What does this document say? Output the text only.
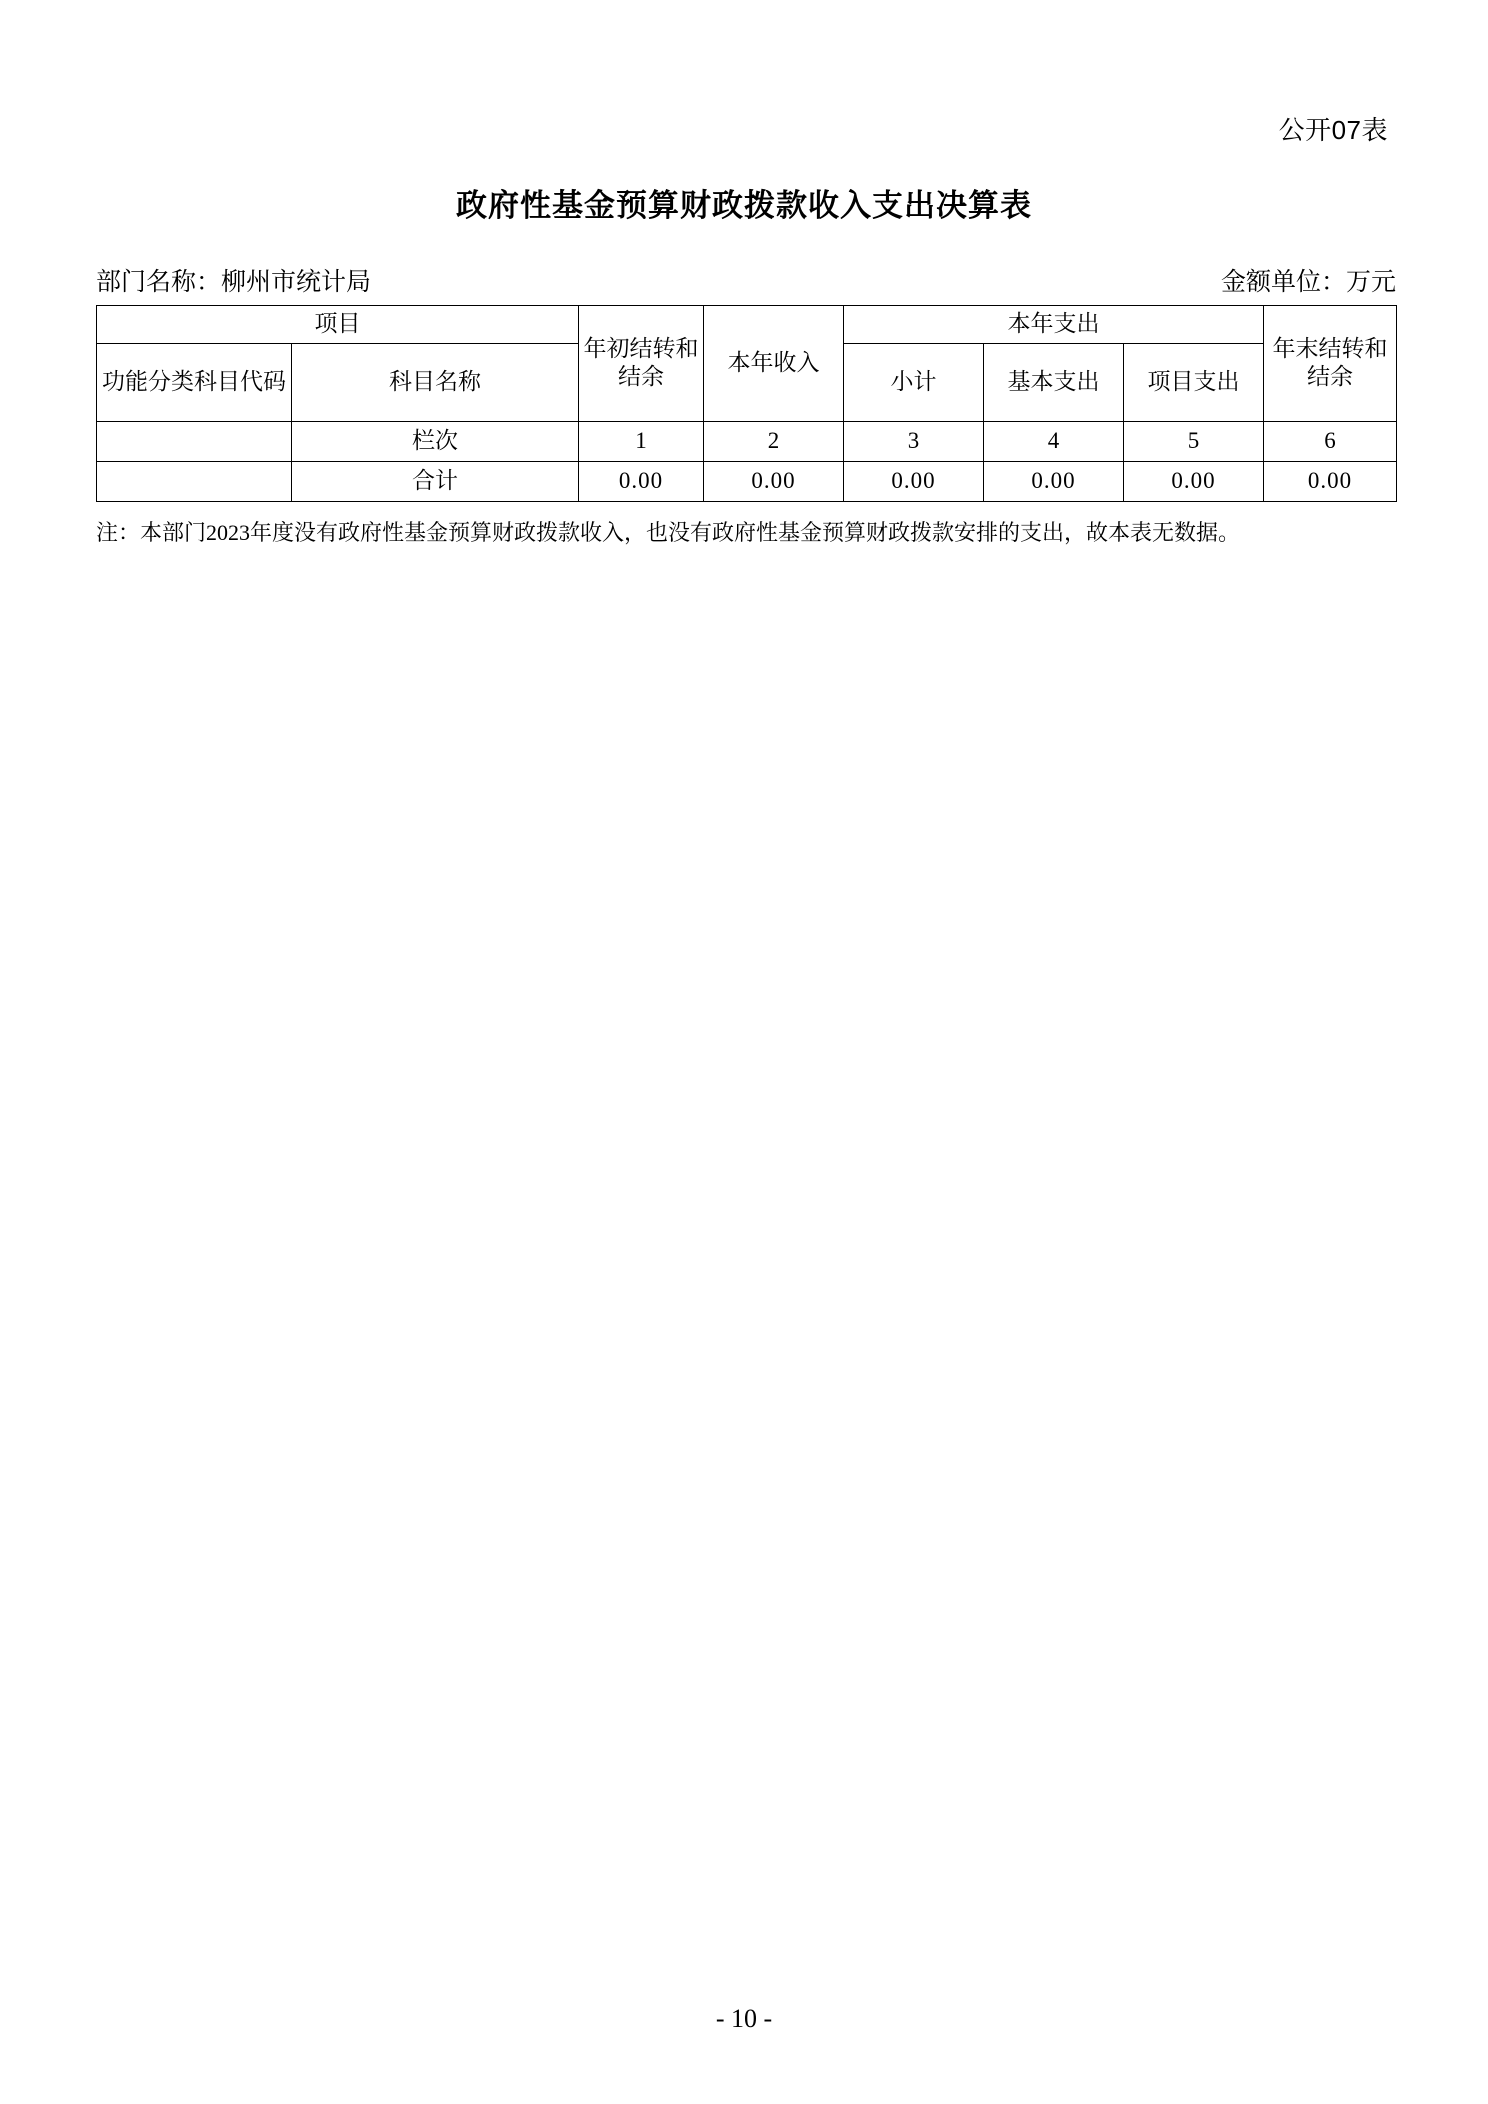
公开07表
政府性基金预算财政拨款收入支出决算表
部门名称：柳州市统计局	金额单位：万元
项目		年初结转和结余	本年收入	本年支出			年末结转和结余
功能分类科目代码	科目名称			小计	基本支出	项目支出	
	栏次	1	2	3	4	5	6
	合计	0.00	0.00	0.00	0.00	0.00	0.00
注：本部门2023年度没有政府性基金预算财政拨款收入，也没有政府性基金预算财政拨款安排的支出，故本表无数据。
- 10 -
